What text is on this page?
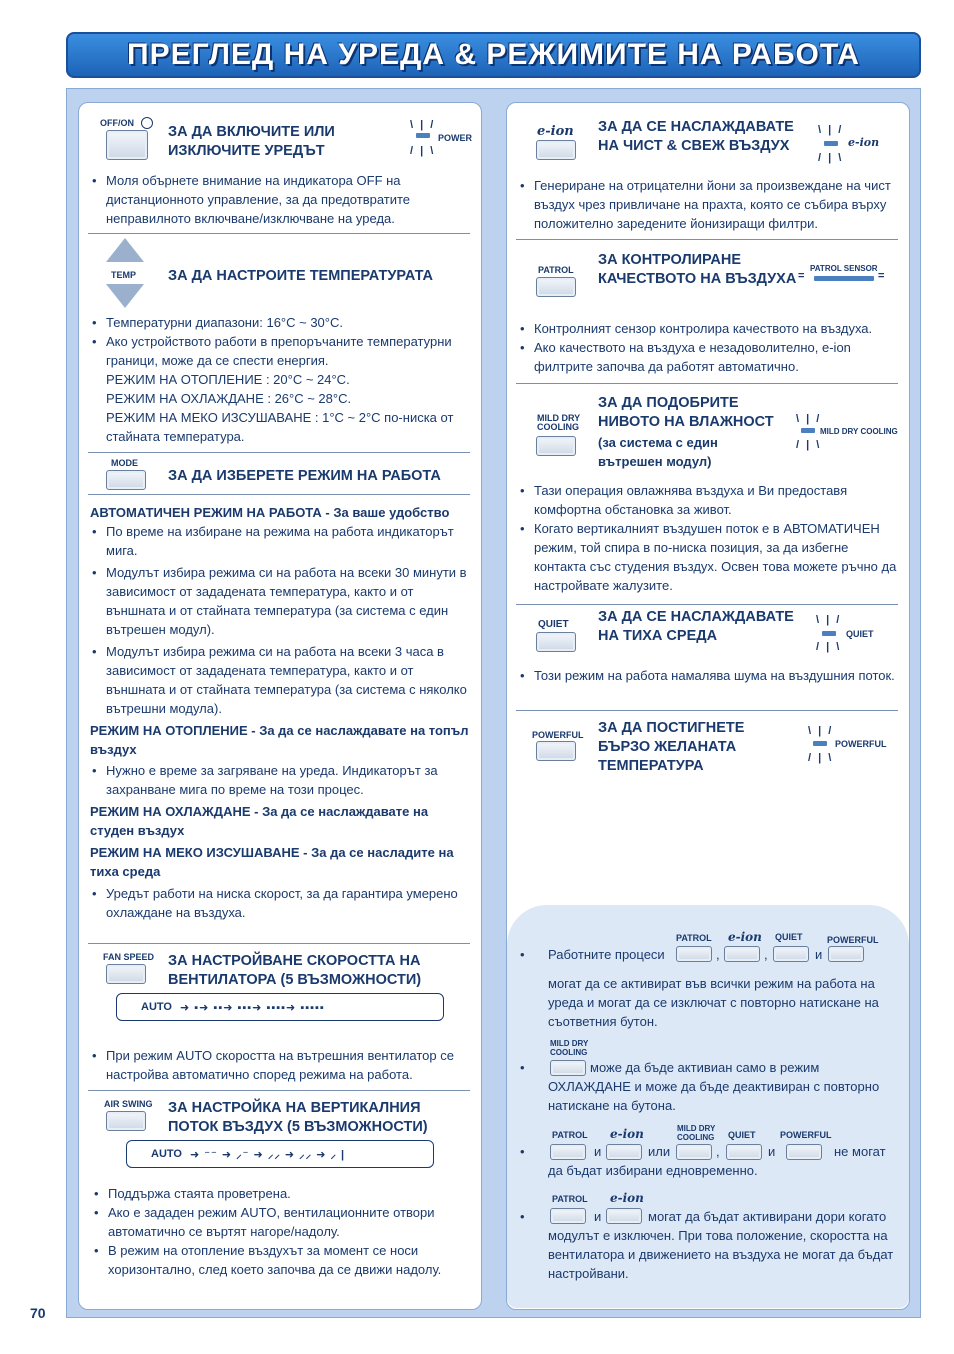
ПРЕГЛЕД НА УРЕДА & РЕЖИМИТЕ НА РАБОТА
OFF/ON
ЗА ДА ВКЛЮЧИТЕ ИЛИ ИЗКЛЮЧИТЕ УРЕДЪТ
\ | /
POWER
/ | \
• Моля обърнете внимание на индикатора OFF на дистанционното управление, за да предотвратите неправилното включване/изключване на уреда.
TEMP ЗА ДА НАСТРОИТЕ ТЕМПЕРАТУРАТА
• Температурни диапазони: 16°C ~ 30°C.
• Ако устройството работи в препоръчаните температурни граници, може да се спести енергия.
РЕЖИМ НА ОТОПЛЕНИЕ : 20°C ~ 24°C.
РЕЖИМ НА ОХЛАЖДАНЕ : 26°C ~ 28°C.
РЕЖИМ НА МЕКО ИЗСУШАВАНЕ : 1°C ~ 2°C по-ниска от стайната температура.
MODE
ЗА ДА ИЗБЕРЕТЕ РЕЖИМ НА РАБОТА
АВТОМАТИЧЕН РЕЖИМ НА РАБОТА - За ваше удобство
• По време на избиране на режима на работа индикаторът мига.
• Модулът избира режима си на работа на всеки 30 минути в зависимост от зададената температура, както и от външната и от стайната температура (за система с един вътрешен модул).
• Модулът избира режима си на работа на всеки 3 часа в зависимост от зададената температура, както и от външната и от стайната температура (за система с няколко вътрешни модула).
РЕЖИМ НА ОТОПЛЕНИЕ - За да се наслаждавате на топъл въздух
• Нужно е време за загряване на уреда. Индикаторът за захранване мига по време на този процес.
РЕЖИМ НА ОХЛАЖДАНЕ - За да се наслаждавате на студен въздух
РЕЖИМ НА МЕКО ИЗСУШАВАНЕ - За да се насладите на тиха среда
• Уредът работи на ниска скорост, за да гарантира умерено охлаждане на въздуха.
FAN SPEED ЗА НАСТРОЙВАНЕ СКОРОСТТА НА ВЕНТИЛАТОРА (5 ВЪЗМОЖНОСТИ)
AUTO ➜ ▪➜ ▪▪➜ ▪▪▪➜ ▪▪▪▪➜ ▪▪▪▪▪
• При режим AUTO скоростта на вътрешния вентилатор се настройва автоматично според режима на работа.
AIR SWING ЗА НАСТРОЙКА НА ВЕРТИКАЛНИЯ ПОТОК ВЪЗДУХ (5 ВЪЗМОЖНОСТИ)
AUTO ➜ ⁻⁻ ➜ ⸝⁻ ➜ ⸝⸝ ➜ ⸝⸝ ➜ ⸝ |
• Поддържа стаята проветрена.
• Ако е зададен режим AUTO, вентилационните отвори автоматично се въртят нагоре/надолу.
• В режим на отопление въздухът за момент се носи хоризонтално, след което започва да се движи надолу.
e-ion ЗА ДА СЕ НАСЛАЖДАВАТЕ НА ЧИСТ & СВЕЖ ВЪЗДУХ
\ | /
e-ion
/ | \
• Генериране на отрицателни йони за произвеждане на чист въздух чрез привличане на прахта, която се събира върху положително заредените йонизиращи филтри.
PATROL
ЗА КОНТРОЛИРАНЕ КАЧЕСТВОТО НА ВЪЗДУХА
PATROL SENSOR
=	=
• Контролният сензор контролира качеството на въздуха.
• Ако качеството на въздуха е незадоволително, e-ion филтрите започва да работят автоматично.
MILD DRY
COOLING
ЗА ДА ПОДОБРИТЕ НИВОТО НА ВЛАЖНОСТ
(за система с един вътрешен модул)
\ | /
MILD DRY COOLING
/ | \
• Тази операция овлажнява въздуха и Ви предоставя комфортна обстановка за живот.
• Когато вертикалният въздушен поток е в АВТОМАТИЧЕН режим, той спира в по-ниска позиция, за да избегне контакта със студения въздух. Освен това можете ръчно да настройвате жалузите.
QUIET ЗА ДА СЕ НАСЛАЖДАВАТЕ НА ТИХА СРЕДА
\ | /
QUIET
/ | \
• Този режим на работа намалява шума на въздушния поток.
POWERFUL ЗА ДА ПОСТИГНЕТЕ БЪРЗО ЖЕЛАНАТА ТЕМПЕРАТУРА
\ | /
POWERFUL
/ | \
PATROL e-ion QUIET	POWERFUL
• Работните процеси	,	,	и
могат да се активират във всички режим на работа на уреда и могат да се изключат с повторно натискане на съответния бутон.
MILD DRY
COOLING
може да бъде активиан само в режим ОХЛАЖДАНЕ и може да бъде деактивиран с повторно натискане на бутона.
PATROL
и
e-ion
или
MILD DRY
COOLING
,
QUIET
и
POWERFUL
не могат да бъдат избирани едновременно.
PATROL
и
e-ion
могат да бъдат активирани дори когато модулът е изключен. При това положение, скоростта на вентилатора и движението на въздуха не могат да бъдат настройвани.
70
